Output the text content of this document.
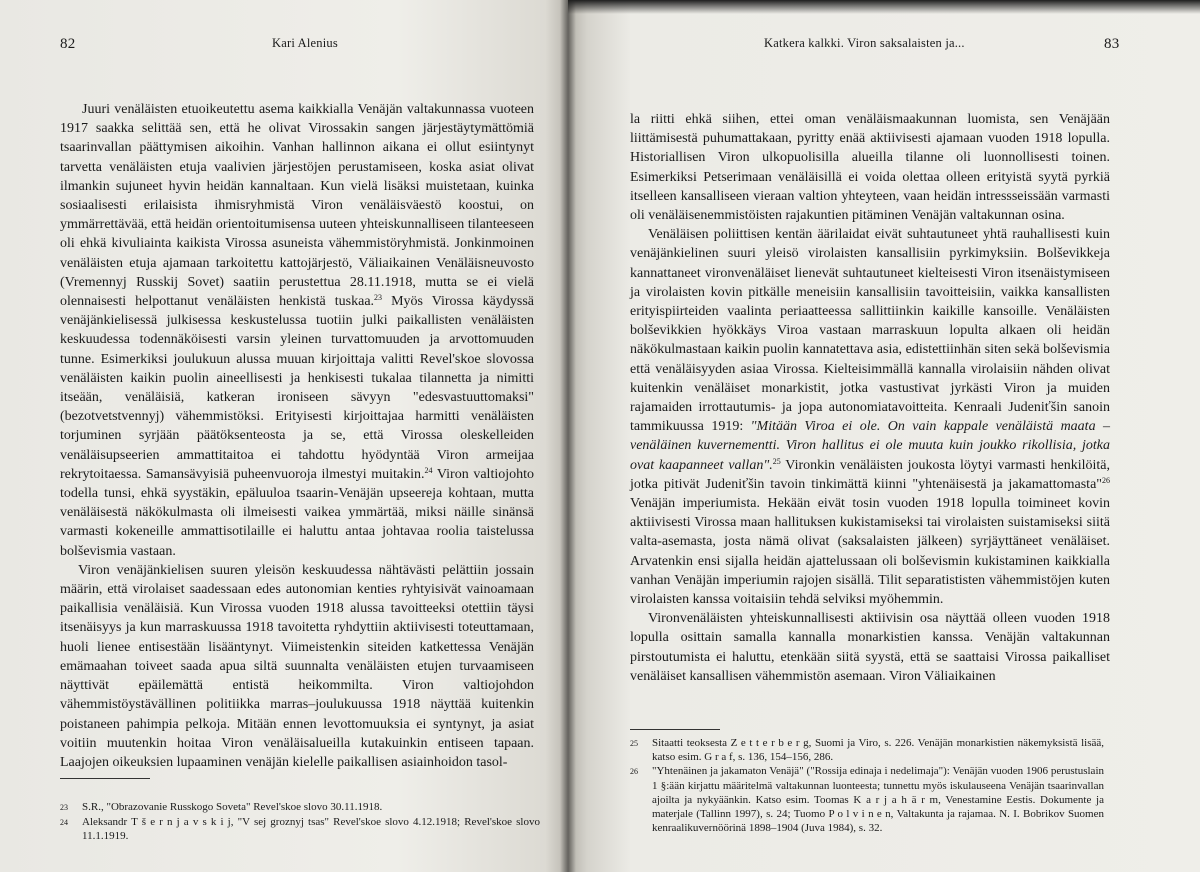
82	Kari Alenius

Juuri venäläisten etuoikeutettu asema kaikkialla Venäjän valtakunnassa vuoteen 1917 saakka selittää sen, että he olivat Virossakin sangen järjestäytymättömiä tsaarinvallan päättymisen aikoihin. Vanhan hallinnon aikana ei ollut esiintynyt tarvetta venäläisten etuja vaalivien järjestöjen perustamiseen, koska asiat olivat ilmankin sujuneet hyvin heidän kannaltaan. Kun vielä lisäksi muistetaan, kuinka sosiaalisesti erilaisista ihmisryhmistä Viron venäläisväestö koostui, on ymmärrettävää, että heidän orientoitumisensa uuteen yhteiskunnalliseen tilanteeseen oli ehkä kivuliainta kaikista Virossa asuneista vähemmistöryhmistä. Jonkinmoinen venäläisten etuja ajamaan tarkoitettu kattojärjestö, Väliaikainen Venäläisneuvosto (Vremennyj Russkij Sovet) saatiin perustettua 28.11.1918, mutta se ei vielä olennaisesti helpottanut venäläisten henkistä tuskaa.$^{23}$ Myös Virossa käydyssä venäjänkielisessä julkisessa keskustelussa tuotiin julki paikallisten venäläisten keskuudessa todennäköisesti varsin yleinen turvattomuuden ja arvottomuuden tunne. Esimerkiksi joulukuun alussa muuan kirjoittaja valitti Revel'skoe slovossa venäläisten kaikin puolin aineellisesti ja henkisesti tukalaa tilannetta ja nimitti itseään, venäläisiä, katkeran ironiseen sävyyn "edesvastuuttomaksi" (bezotvetstvennyj) vähemmistöksi. Erityisesti kirjoittajaa harmitti venäläisten torjuminen syrjään päätöksenteosta ja se, että Virossa oleskelleiden venäläisupseerien ammattitaitoa ei tahdottu hyödyntää Viron armeijaa rekrytoitaessa. Samansävyisiä puheenvuoroja ilmestyi muitakin.$^{24}$ Viron valtiojohto todella tunsi, ehkä syystäkin, epäluuloa tsaarin-Venäjän upseereja kohtaan, mutta venäläisestä näkökulmasta oli ilmeisesti vaikea ymmärtää, miksi näille sinänsä varmasti kokeneille ammattisotilaille ei haluttu antaa johtavaa roolia taistelussa bolševismia vastaan.

Viron venäjänkielisen suuren yleisön keskuudessa nähtävästi pelättiin jossain määrin, että virolaiset saadessaan edes autonomian kenties ryhtyisivät vainoamaan paikallisia venäläisiä. Kun Virossa vuoden 1918 alussa tavoitteeksi otettiin täysi itsenäisyys ja kun marraskuussa 1918 tavoitetta ryhdyttiin aktiivisesti toteuttamaan, huoli lienee entisestään lisääntynyt. Viimeistenkin siteiden katkettessa Venäjän emämaahan toiveet saada apua siltä suunnalta venäläisten etujen turvaamiseen näyttivät epäilemättä entistä heikommilta. Viron valtiojohdon vähemmistöystävällinen politiikka marras–joulukuussa 1918 näyttää kuitenkin poistaneen pahimpia pelkoja. Mitään ennen levottomuuksia ei syntynyt, ja asiat voitiin muutenkin hoitaa Viron venäläisalueilla kutakuinkin entiseen tapaan. Laajojen oikeuksien lupaaminen venäjän kielelle paikallisen asiainhoidon tasol-

23	S.R., "Obrazovanie Russkogo Soveta" Revel'skoe slovo 30.11.1918.
24	Aleksandr T š e r n j a v s k i j, "V sej groznyj tsas" Revel'skoe slovo 4.12.1918; Revel'skoe slovo 11.1.1919.
Katkera kalkki. Viron saksalaisten ja...	83

la riitti ehkä siihen, ettei oman venäläismaakunnan luomista, sen Venäjään liittämisestä puhumattakaan, pyritty enää aktiivisesti ajamaan vuoden 1918 lopulla. Historiallisen Viron ulkopuolisilla alueilla tilanne oli luonnollisesti toinen. Esimerkiksi Petserimaan venäläisillä ei voida olettaa olleen erityistä syytä pyrkiä itselleen kansalliseen vieraan valtion yhteyteen, vaan heidän intressseissään varmasti oli venäläisenemmistöisten rajakuntien pitäminen Venäjän valtakunnan osina.

Venäläisen poliittisen kentän äärilaidat eivät suhtautuneet yhtä rauhallisesti kuin venäjänkielinen suuri yleisö virolaisten kansallisiin pyrkimyksiin. Bolševikkeja kannattaneet vironvenäläiset lienevät suhtautuneet kielteisesti Viron itsenäistymiseen ja virolaisten kovin pitkälle meneisiin kansallisiin tavoitteisiin, vaikka kansallisten erityispiirteiden vaalinta periaatteessa sallittiinkin kaikille kansoille. Venäläisten bolševikkien hyökkäys Viroa vastaan marraskuun lopulta alkaen oli heidän näkökulmastaan kaikin puolin kannatettava asia, edistettiinhän siten sekä bolševismia että venäläisyyden asiaa Virossa. Kielteisimmällä kannalla virolaisiin nähden olivat kuitenkin venäläiset monarkistit, jotka vastustivat jyrkästi Viron ja muiden rajamaiden irrottautumis- ja jopa autonomiatavoitteita. Kenraali Judeniťšin sanoin tammikuussa 1919: "Mitään Viroa ei ole. On vain kappale venäläistä maata – venäläinen kuvernementti. Viron hallitus ei ole muuta kuin joukko rikollisia, jotka ovat kaapanneet vallan".$^{25}$ Vironkin venäläisten joukosta löytyi varmasti henkilöitä, jotka pitivät Judeniťšin tavoin tinkimättä kiinni "yhtenäisestä ja jakamattomasta"$^{26}$ Venäjän imperiumista. Hekään eivät tosin vuoden 1918 lopulla toimineet kovin aktiivisesti Virossa maan hallituksen kukistamiseksi tai virolaisten suistamiseksi siitä valta-asemasta, josta nämä olivat (saksalaisten jälkeen) syrjäyttäneet venäläiset. Arvatenkin ensi sijalla heidän ajattelussaan oli bolševismin kukistaminen kaikkialla vanhan Venäjän imperiumin rajojen sisällä. Tilit separatististen vähemmistöjen kuten virolaisten kanssa voitaisiin tehdä selviksi myöhemmin.

Vironvenäläisten yhteiskunnallisesti aktiivisin osa näyttää olleen vuoden 1918 lopulla osittain samalla kannalla monarkistien kanssa. Venäjän valtakunnan pirstoutumista ei haluttu, etenkään siitä syystä, että se saattaisi Virossa paikalliset venäläiset kansallisen vähemmistön asemaan. Viron Väliaikainen

25	Sitaatti teoksesta Z e t t e r b e r g, Suomi ja Viro, s. 226. Venäjän monarkistien näkemyksistä lisää, katso esim. G r a f, s. 136, 154–156, 286.
26	"Yhtenäinen ja jakamaton Venäjä" ("Rossija edinaja i nedelimaja"): Venäjän vuoden 1906 perustuslain 1 §:ään kirjattu määritelmä valtakunnan luonteesta; tunnettu myös iskulauseena Venäjän tsaarinvallan ajoilta ja nykyäänkin. Katso esim. Toomas K a r j a h ä r m, Venestamine Eestis. Dokumente ja materjale (Tallinn 1997), s. 24; Tuomo P o l v i n e n, Valtakunta ja rajamaa. N. I. Bobrikov Suomen kenraalikuvernöörinä 1898–1904 (Juva 1984), s. 32.
